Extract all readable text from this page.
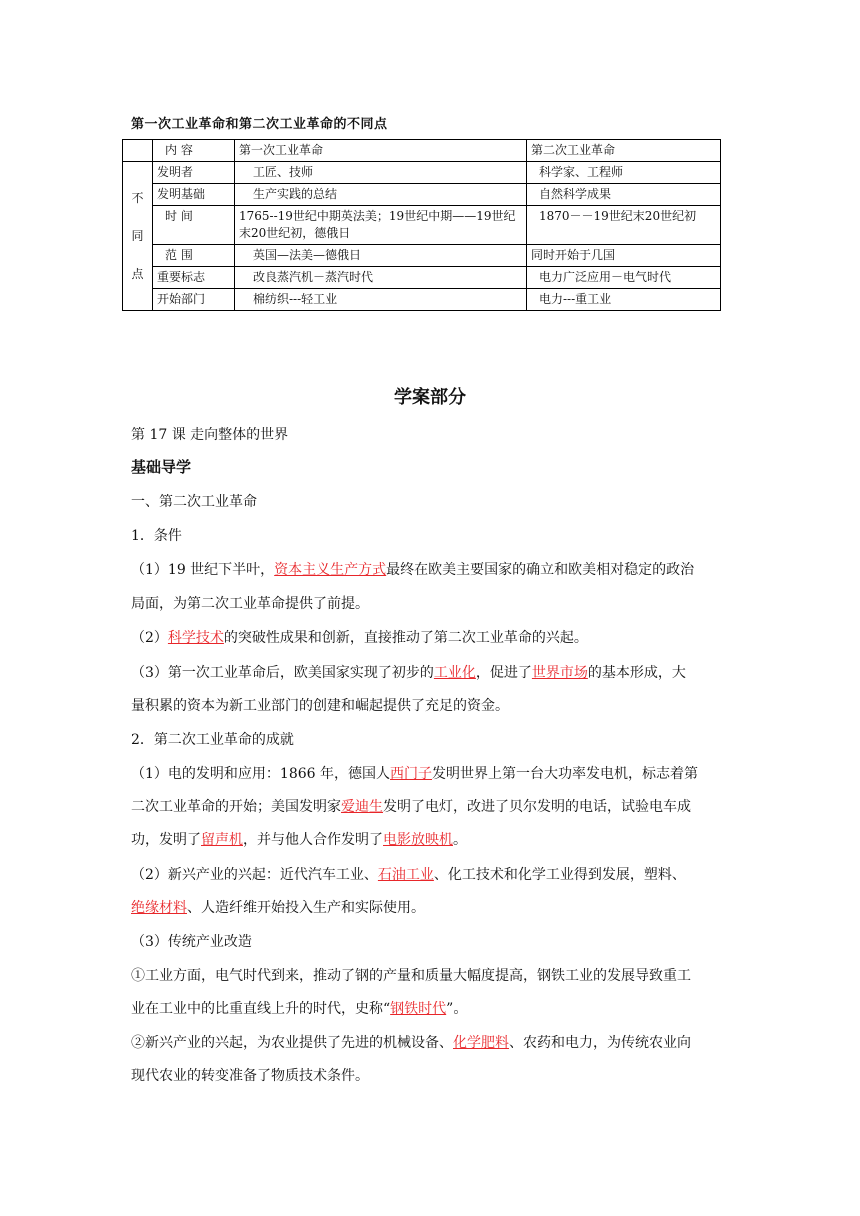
第一次工业革命和第二次工业革命的不同点
	内 容	第一次工业革命	第二次工业革命

不
同
点	发明者	工匠、技师	科学家、工程师
	发明基础	生产实践的总结	自然科学成果
	时 间	1765--19世纪中期英法美；19世纪中期——19世纪末20世纪初，德俄日	1870－－19世纪末20世纪初
	范 围	英国—法美—德俄日	同时开始于几国
	重要标志	改良蒸汽机－蒸汽时代	电力广泛应用－电气时代
	开始部门	棉纺织---轻工业	电力---重工业
学案部分
第 17 课 走向整体的世界
基础导学
一、第二次工业革命
1．条件
（1）19 世纪下半叶，资本主义生产方式最终在欧美主要国家的确立和欧美相对稳定的政治
局面，为第二次工业革命提供了前提。
（2）科学技术的突破性成果和创新，直接推动了第二次工业革命的兴起。
（3）第一次工业革命后，欧美国家实现了初步的工业化，促进了世界市场的基本形成，大
量积累的资本为新工业部门的创建和崛起提供了充足的资金。
2．第二次工业革命的成就
（1）电的发明和应用：1866 年，德国人西门子发明世界上第一台大功率发电机，标志着第
二次工业革命的开始；美国发明家爱迪生发明了电灯，改进了贝尔发明的电话，试验电车成
功，发明了留声机，并与他人合作发明了电影放映机。
（2）新兴产业的兴起：近代汽车工业、石油工业、化工技术和化学工业得到发展，塑料、
绝缘材料、人造纤维开始投入生产和实际使用。
（3）传统产业改造
①工业方面，电气时代到来，推动了钢的产量和质量大幅度提高，钢铁工业的发展导致重工
业在工业中的比重直线上升的时代，史称“钢铁时代”。
②新兴产业的兴起，为农业提供了先进的机械设备、化学肥料、农药和电力，为传统农业向
现代农业的转变准备了物质技术条件。
